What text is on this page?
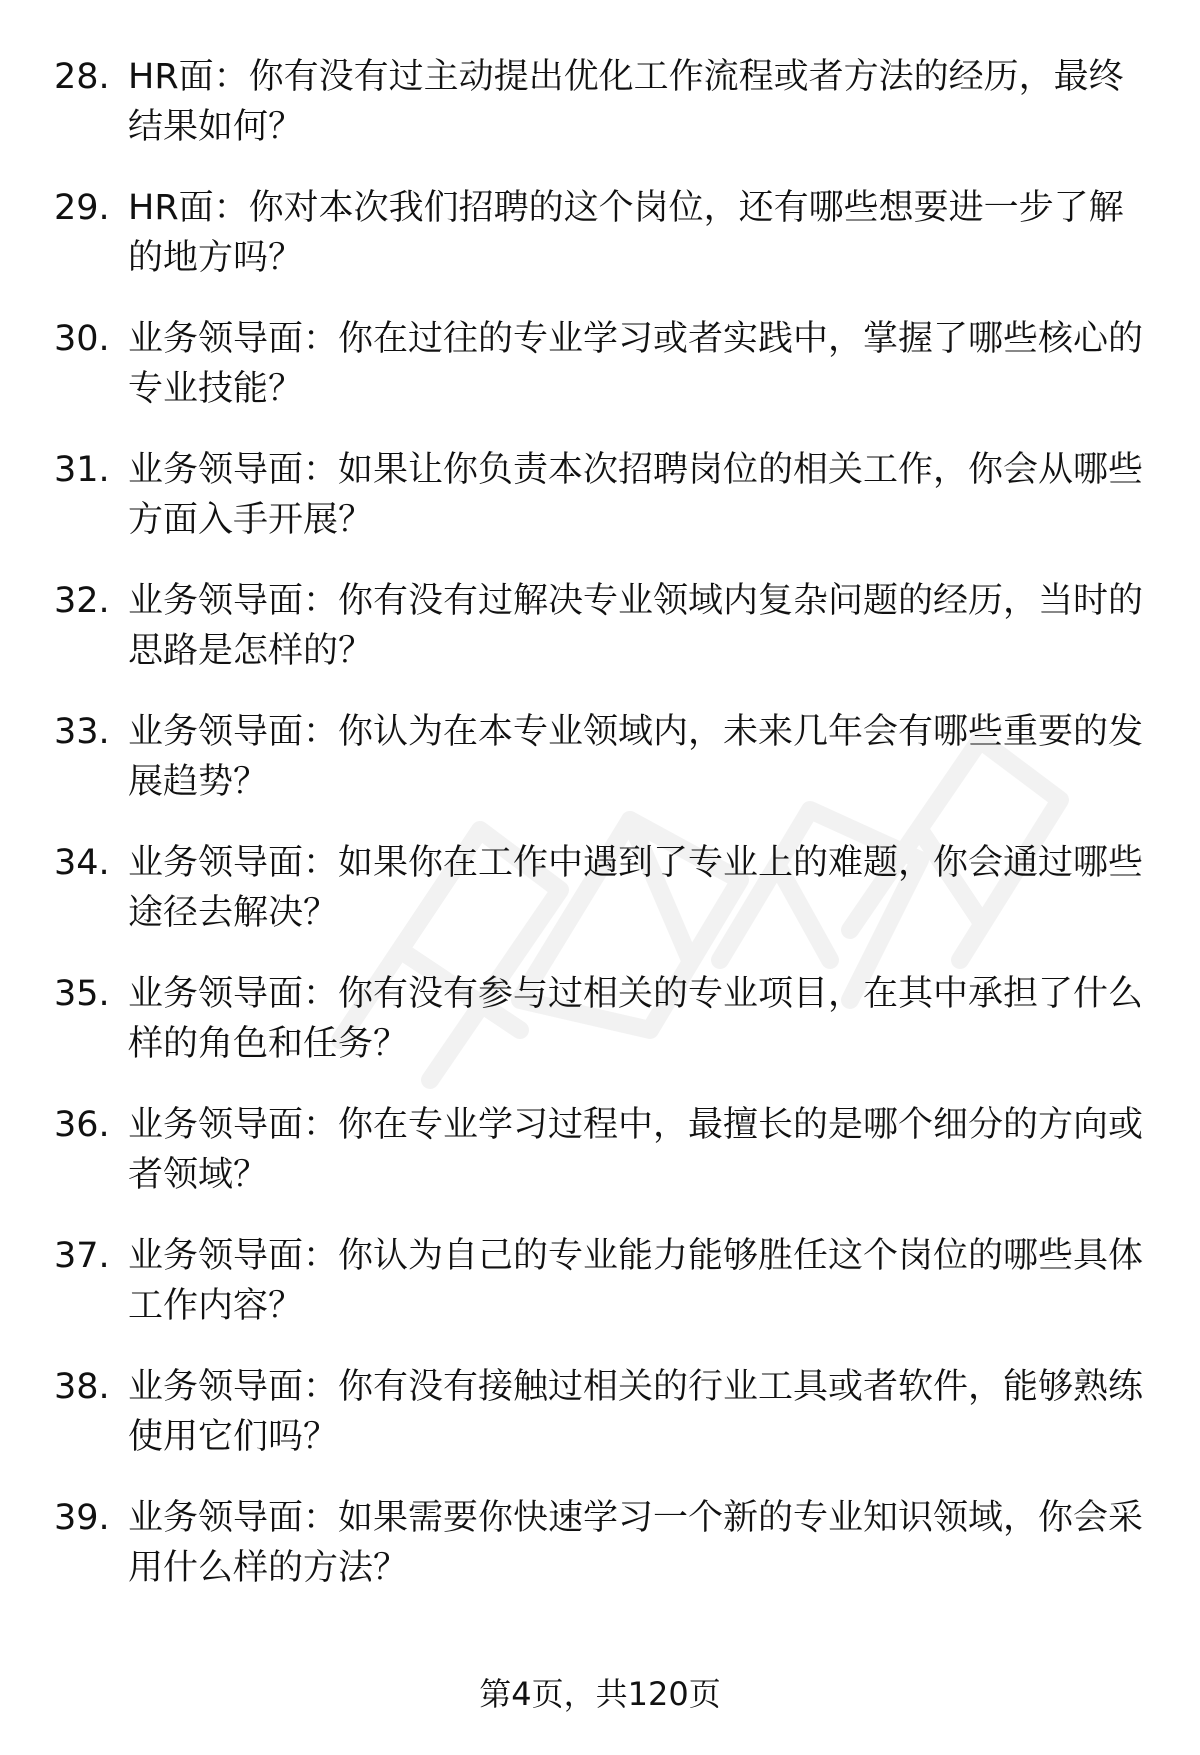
28. HR面：你有没有过主动提出优化工作流程或者方法的经历，最终结果如何？
29. HR面：你对本次我们招聘的这个岗位，还有哪些想要进一步了解的地方吗？
30. 业务领导面：你在过往的专业学习或者实践中，掌握了哪些核心的专业技能？
31. 业务领导面：如果让你负责本次招聘岗位的相关工作，你会从哪些方面入手开展？
32. 业务领导面：你有没有过解决专业领域内复杂问题的经历，当时的思路是怎样的？
33. 业务领导面：你认为在本专业领域内，未来几年会有哪些重要的发展趋势？
34. 业务领导面：如果你在工作中遇到了专业上的难题，你会通过哪些途径去解决？
35. 业务领导面：你有没有参与过相关的专业项目，在其中承担了什么样的角色和任务？
36. 业务领导面：你在专业学习过程中，最擅长的是哪个细分的方向或者领域？
37. 业务领导面：你认为自己的专业能力能够胜任这个岗位的哪些具体工作内容？
38. 业务领导面：你有没有接触过相关的行业工具或者软件，能够熟练使用它们吗？
39. 业务领导面：如果需要你快速学习一个新的专业知识领域，你会采用什么样的方法？
第4页，共120页
